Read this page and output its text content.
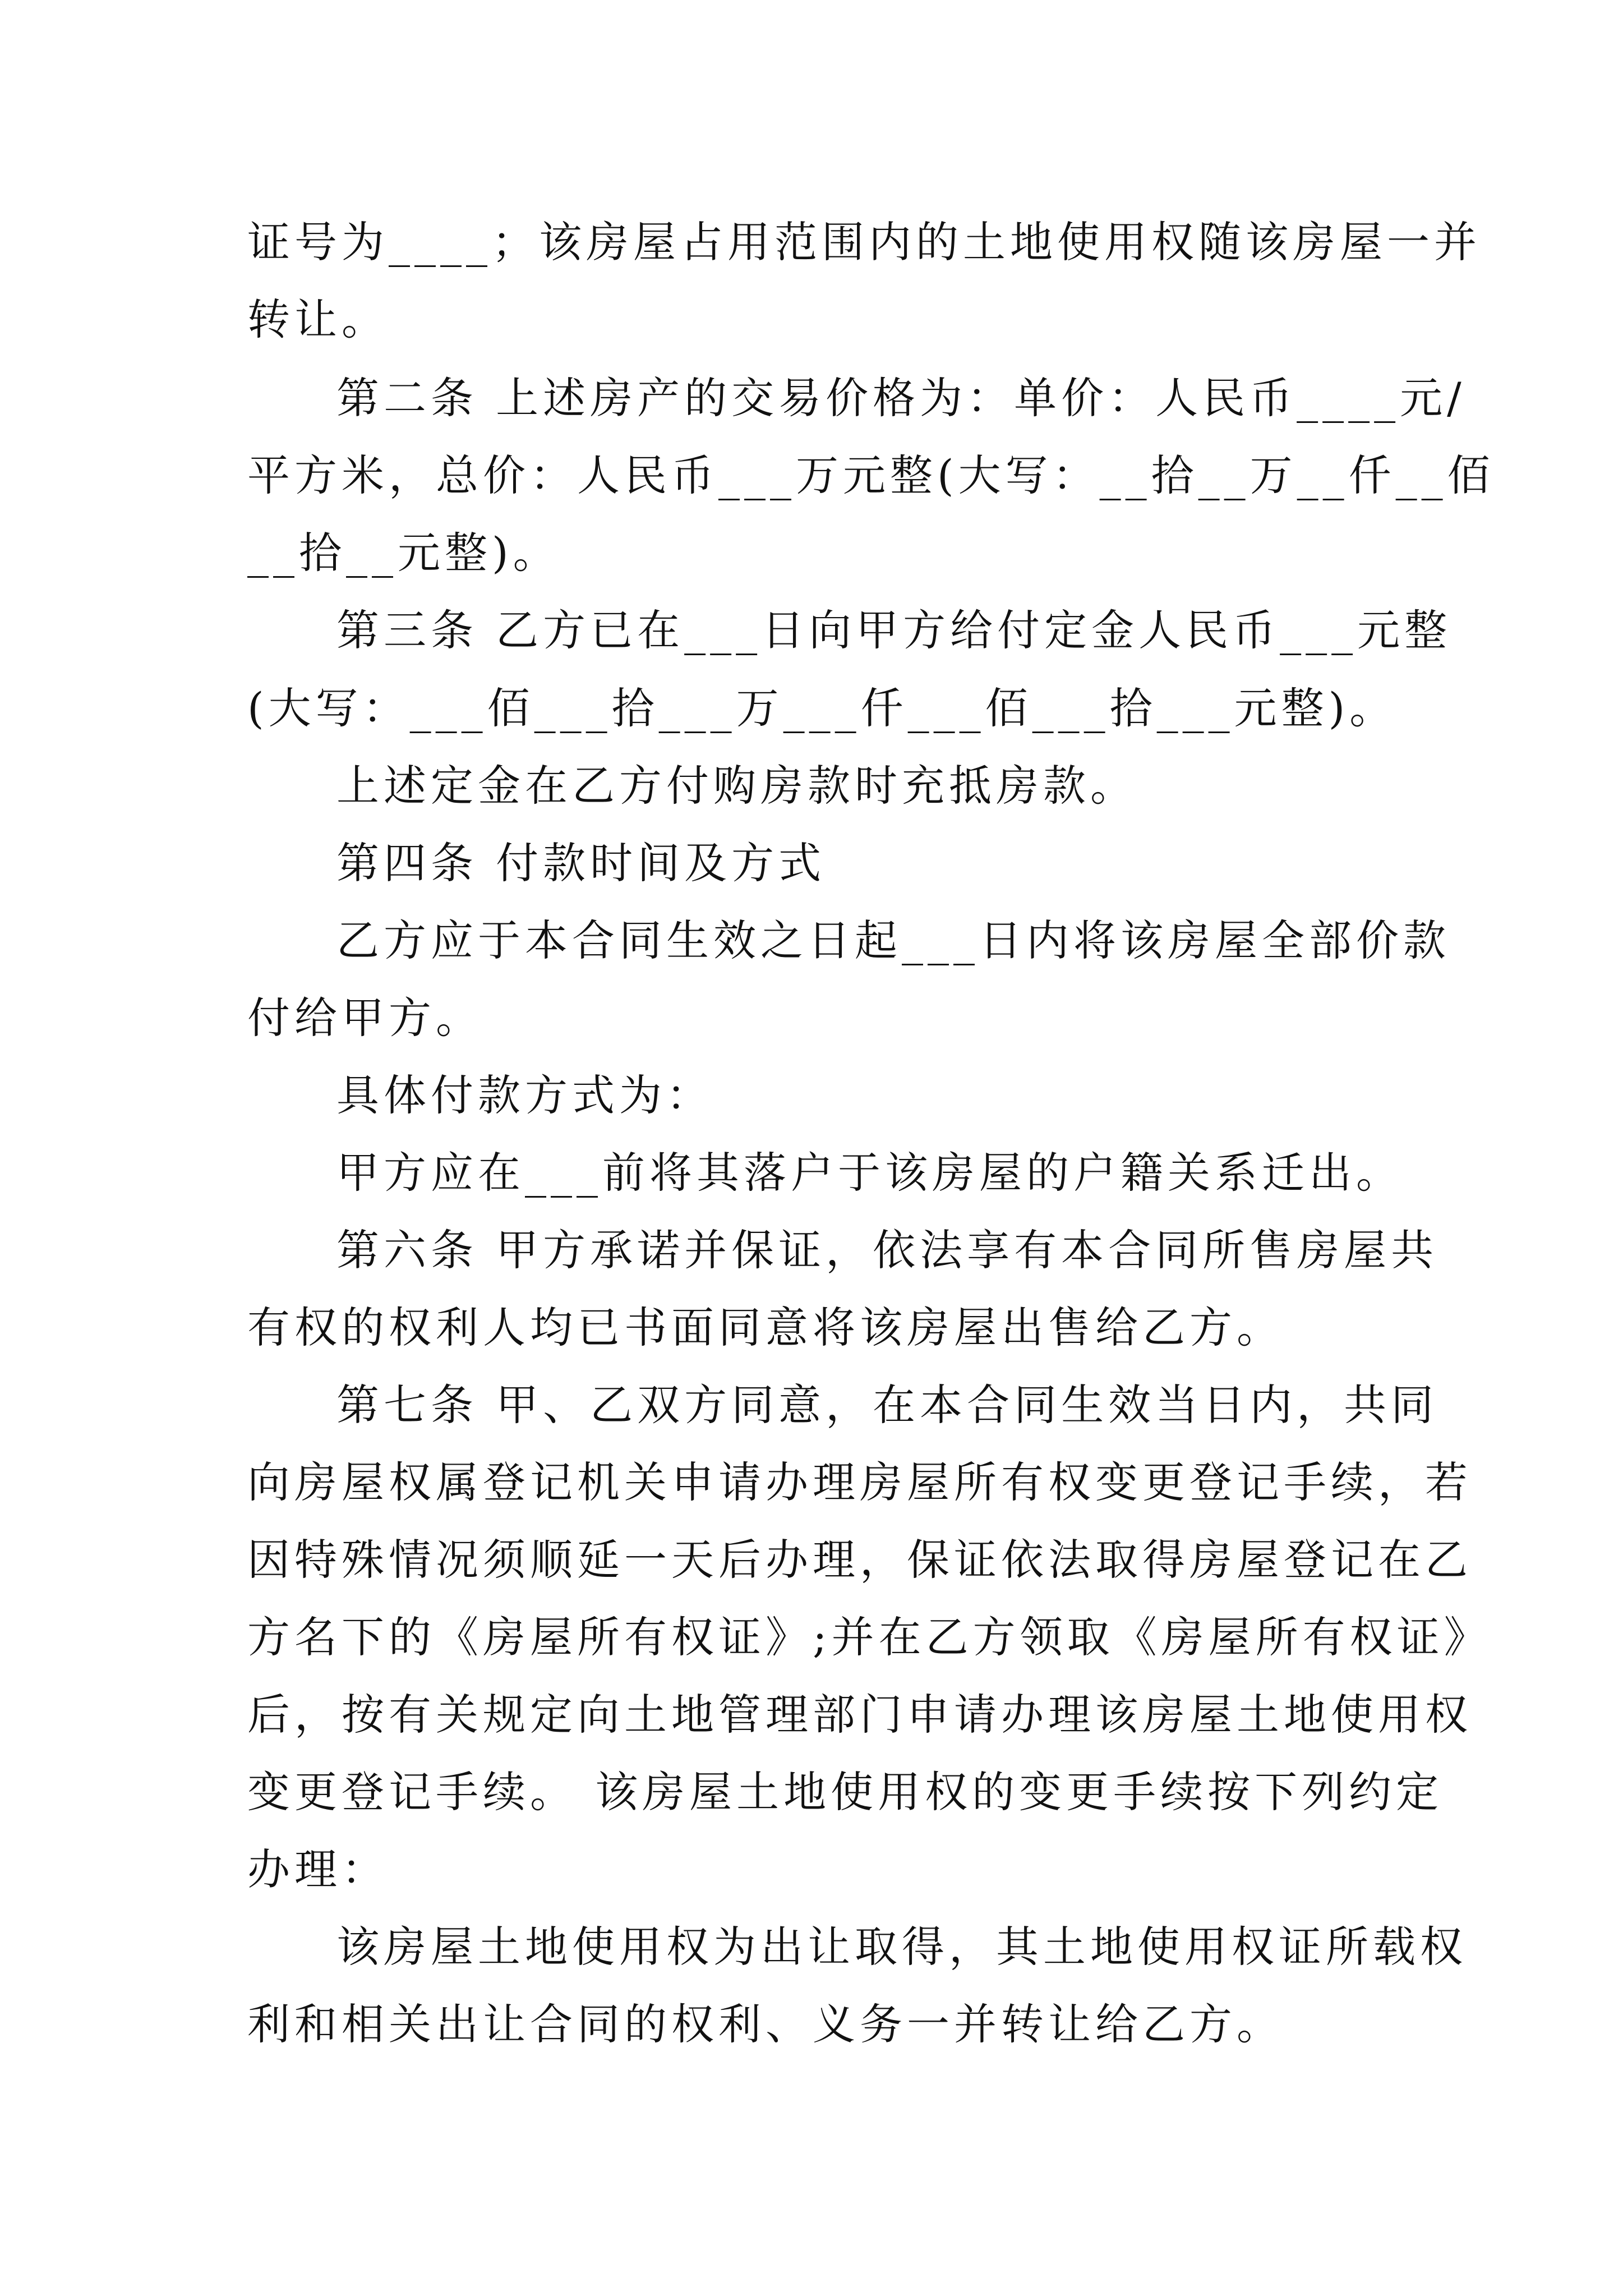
证号为____；该房屋占用范围内的土地使用权随该房屋一并

转让。

第二条 上述房产的交易价格为：单价：人民币____元/

平方米，总价：人民币___万元整(大写：__拾__万__仟__佰

__拾__元整)。

第三条 乙方已在___日向甲方给付定金人民币___元整

(大写：___佰___拾___万___仟___佰___拾___元整)。

上述定金在乙方付购房款时充抵房款。

第四条 付款时间及方式

乙方应于本合同生效之日起___日内将该房屋全部价款

付给甲方。

具体付款方式为：

甲方应在___前将其落户于该房屋的户籍关系迁出。

第六条 甲方承诺并保证，依法享有本合同所售房屋共

有权的权利人均已书面同意将该房屋出售给乙方。

第七条 甲、乙双方同意，在本合同生效当日内，共同

向房屋权属登记机关申请办理房屋所有权变更登记手续，若

因特殊情况须顺延一天后办理，保证依法取得房屋登记在乙

方名下的《房屋所有权证》;并在乙方领取《房屋所有权证》

后，按有关规定向土地管理部门申请办理该房屋土地使用权

变更登记手续。 该房屋土地使用权的变更手续按下列约定

办理：

该房屋土地使用权为出让取得，其土地使用权证所载权

利和相关出让合同的权利、义务一并转让给乙方。
